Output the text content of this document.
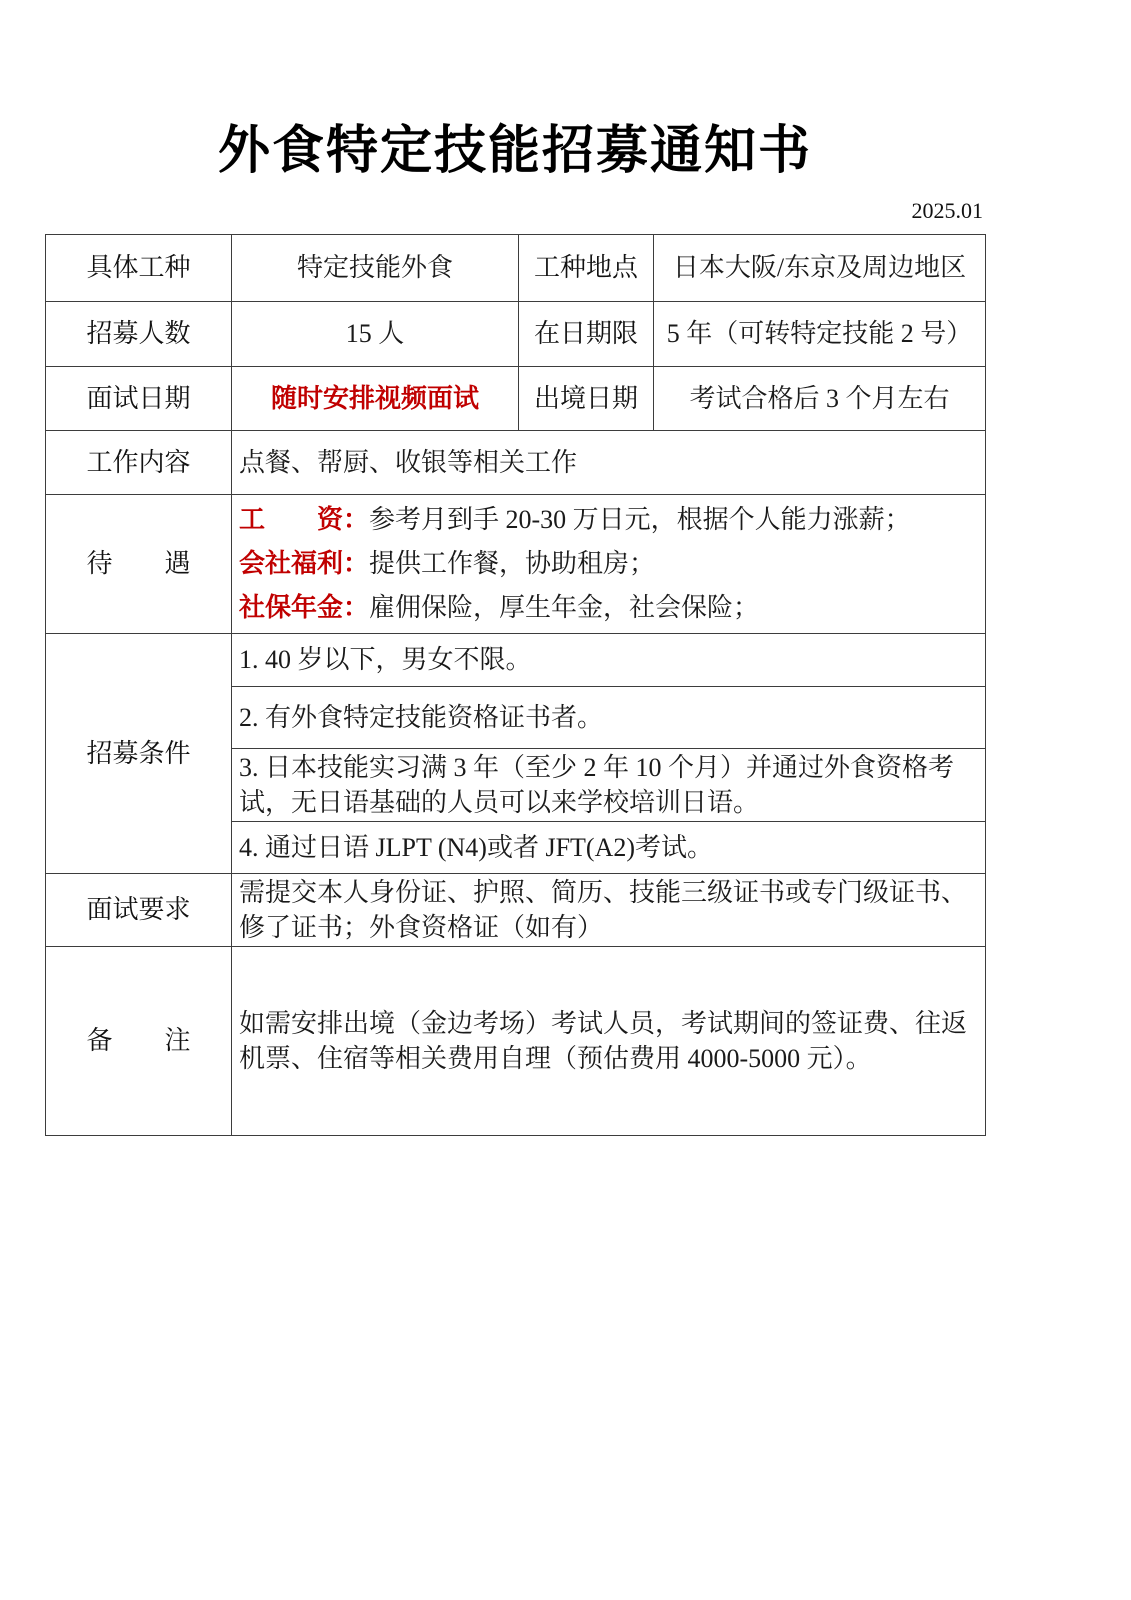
外食特定技能招募通知书
2025.01
具体工种	特定技能外食	工种地点	日本大阪/东京及周边地区
招募人数	15 人	在日期限	5 年（可转特定技能 2 号）
面试日期	随时安排视频面试	出境日期	考试合格后 3 个月左右
工作内容	点餐、帮厨、收银等相关工作		
待　　遇	工　　资：参考月到手 20-30 万日元，根据个人能力涨薪；
会社福利：提供工作餐，协助租房；
社保年金：雇佣保险，厚生年金，社会保险；		

招募条件	1. 40 岁以下，男女不限。		
	2. 有外食特定技能资格证书者。		
	3. 日本技能实习满 3 年（至少 2 年 10 个月）并通过外食资格考试，无日语基础的人员可以来学校培训日语。		
	4. 通过日语 JLPT (N4)或者 JFT(A2)考试。		
面试要求	需提交本人身份证、护照、简历、技能三级证书或专门级证书、修了证书；外食资格证（如有）		
备　　注	如需安排出境（金边考场）考试人员，考试期间的签证费、往返机票、住宿等相关费用自理（预估费用 4000-5000 元）。		
